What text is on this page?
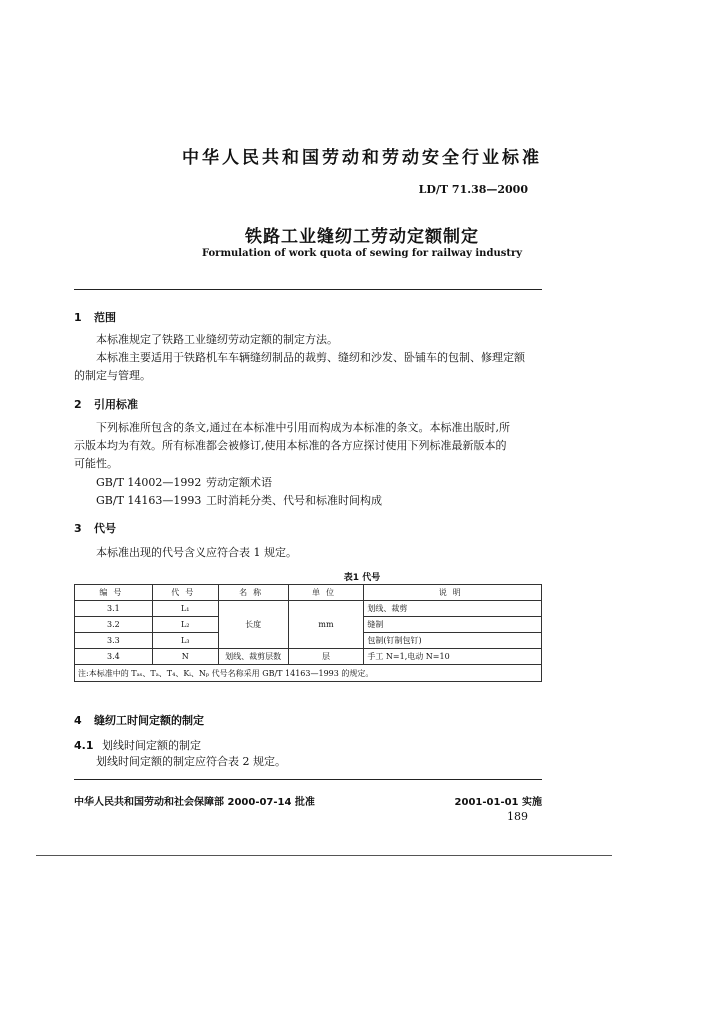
中华人民共和国劳动和劳动安全行业标准
LD/T 71.38—2000
铁路工业缝纫工劳动定额制定
Formulation of work quota of sewing for railway industry
1 范围
本标准规定了铁路工业缝纫劳动定额的制定方法。
本标准主要适用于铁路机车车辆缝纫制品的裁剪、缝纫和沙发、卧铺车的包制、修理定额
的制定与管理。
2 引用标准
下列标准所包含的条文,通过在本标准中引用而构成为本标准的条文。本标准出版时,所
示版本均为有效。所有标准都会被修订,使用本标准的各方应探讨使用下列标准最新版本的
可能性。
GB/T 14002—1992 劳动定额术语
GB/T 14163—1993 工时消耗分类、代号和标准时间构成
3 代号
本标准出现的代号含义应符合表 1 规定。
表1 代号
编号	代号	名称	单位	说明
3.1	L₁	长度	mm	划线、裁剪
3.2	L₂			缝制
3.3	L₃			包制(钉制包钉)
3.4	N	划线、裁剪层数	层	手工 N=1,电动 N=10
注:本标准中的 Tₐₛ、Tₐ、T₄、Kᵢ、Nₚ 代号名称采用 GB/T 14163—1993 的规定。				
4 缝纫工时间定额的制定
4.1 划线时间定额的制定
划线时间定额的制定应符合表 2 规定。
中华人民共和国劳动和社会保障部 2000-07-14 批准	2001-01-01 实施
189
